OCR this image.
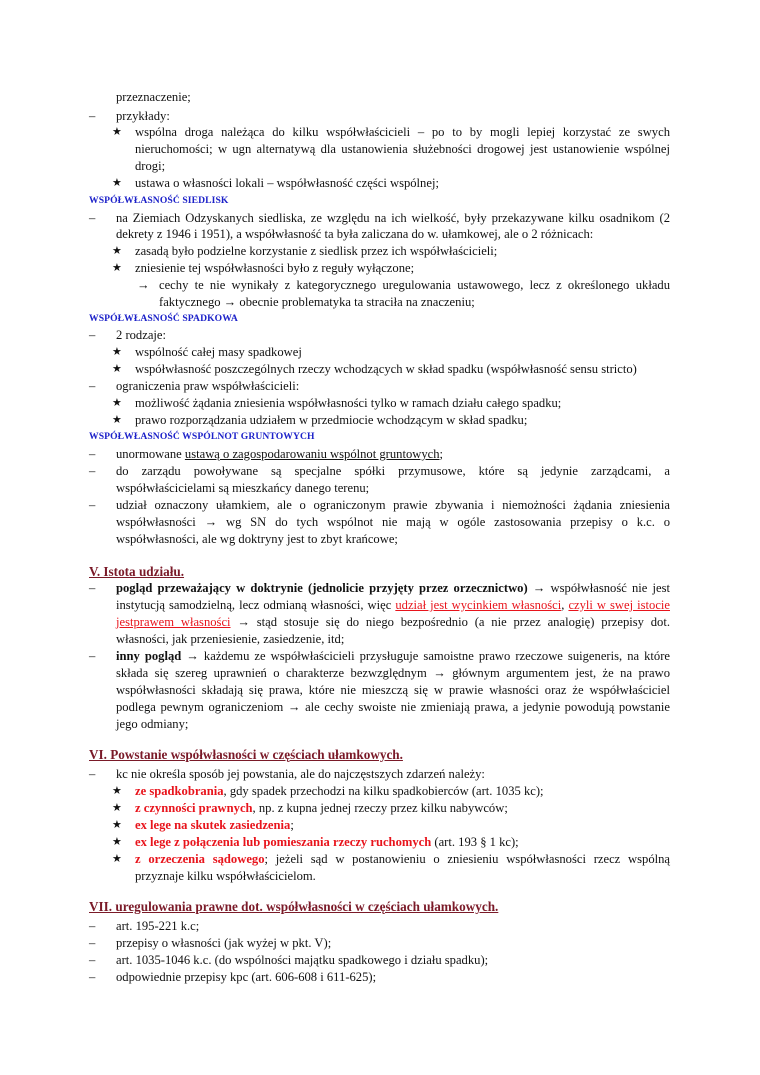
przeznaczenie;
– przykłady:
★ wspólna droga należąca do kilku współwłaścicieli – po to by mogli lepiej korzystać ze swych
nieruchomości; w ugn alternatywą dla ustanowienia służebności drogowej jest ustanowienie wspólnej
drogi;
★ ustawa o własności lokali – współwłasność części wspólnej;
WSPÓŁWŁASNOŚĆ SIEDLISK
– na Ziemiach Odzyskanych siedliska, ze względu na ich wielkość, były przekazywane kilku osadnikom (2
dekrety z 1946 i 1951), a współwłasność ta była zaliczana do w. ułamkowej, ale o 2 różnicach:
★ zasadą było podzielne korzystanie z siedlisk przez ich współwłaścicieli;
★ zniesienie tej współwłasności było z reguły wyłączone;
→ cechy te nie wynikały z kategorycznego uregulowania ustawowego, lecz z określonego układu
faktycznego → obecnie problematyka ta straciła na znaczeniu;
WSPÓŁWŁASNOŚĆ SPADKOWA
– 2 rodzaje:
★ wspólność całej masy spadkowej
★ współwłasność poszczególnych rzeczy wchodzących w skład spadku (współwłasność sensu stricto)
– ograniczenia praw współwłaścicieli:
★ możliwość żądania zniesienia współwłasności tylko w ramach działu całego spadku;
★ prawo rozporządzania udziałem w przedmiocie wchodzącym w skład spadku;
WSPÓŁWŁASNOŚĆ WSPÓLNOT GRUNTOWYCH
– unormowane ustawą o zagospodarowaniu wspólnot gruntowych;
– do zarządu powoływane są specjalne spółki przymusowe, które są jedynie zarządcami, a
współwłaścicielami są mieszkańcy danego terenu;
– udział oznaczony ułamkiem, ale o ograniczonym prawie zbywania i niemożności żądania zniesienia
współwłasności → wg SN do tych wspólnot nie mają w ogóle zastosowania przepisy o k.c. o
współwłasności, ale wg doktryny jest to zbyt krańcowe;
V. Istota udziału.
– pogląd przeważający w doktrynie (jednolicie przyjęty przez orzecznictwo) → współwłasność nie jest
instytucją samodzielną, lecz odmianą własności, więc udział jest wycinkiem własności, czyli w swej istocie
jestprawem własności → stąd stosuje się do niego bezpośrednio (a nie przez analogię) przepisy dot.
własności, jak przeniesienie, zasiedzenie, itd;
– inny pogląd → każdemu ze współwłaścicieli przysługuje samoistne prawo rzeczowe suigeneris, na które
składa się szereg uprawnień o charakterze bezwzględnym → głównym argumentem jest, że na prawo
współwłasności składają się prawa, które nie mieszczą się w prawie własności oraz że współwłaściciel
podlega pewnym ograniczeniom → ale cechy swoiste nie zmieniają prawa, a jedynie powodują powstanie
jego odmiany;
VI. Powstanie współwłasności w częściach ułamkowych.
– kc nie określa sposób jej powstania, ale do najczęstszych zdarzeń należy:
★ ze spadkobrania, gdy spadek przechodzi na kilku spadkobierców (art. 1035 kc);
★ z czynności prawnych, np. z kupna jednej rzeczy przez kilku nabywców;
★ ex lege na skutek zasiedzenia;
★ ex lege z połączenia lub pomieszania rzeczy ruchomych (art. 193 § 1 kc);
★ z orzeczenia sądowego; jeżeli sąd w postanowieniu o zniesieniu współwłasności rzecz wspólną
przyznaje kilku współwłaścicielom.
VII. uregulowania prawne dot. współwłasności w częściach ułamkowych.
– art. 195-221 k.c;
– przepisy o własności (jak wyżej w pkt. V);
– art. 1035-1046 k.c. (do wspólności majątku spadkowego i działu spadku);
– odpowiednie przepisy kpc (art. 606-608 i 611-625);
